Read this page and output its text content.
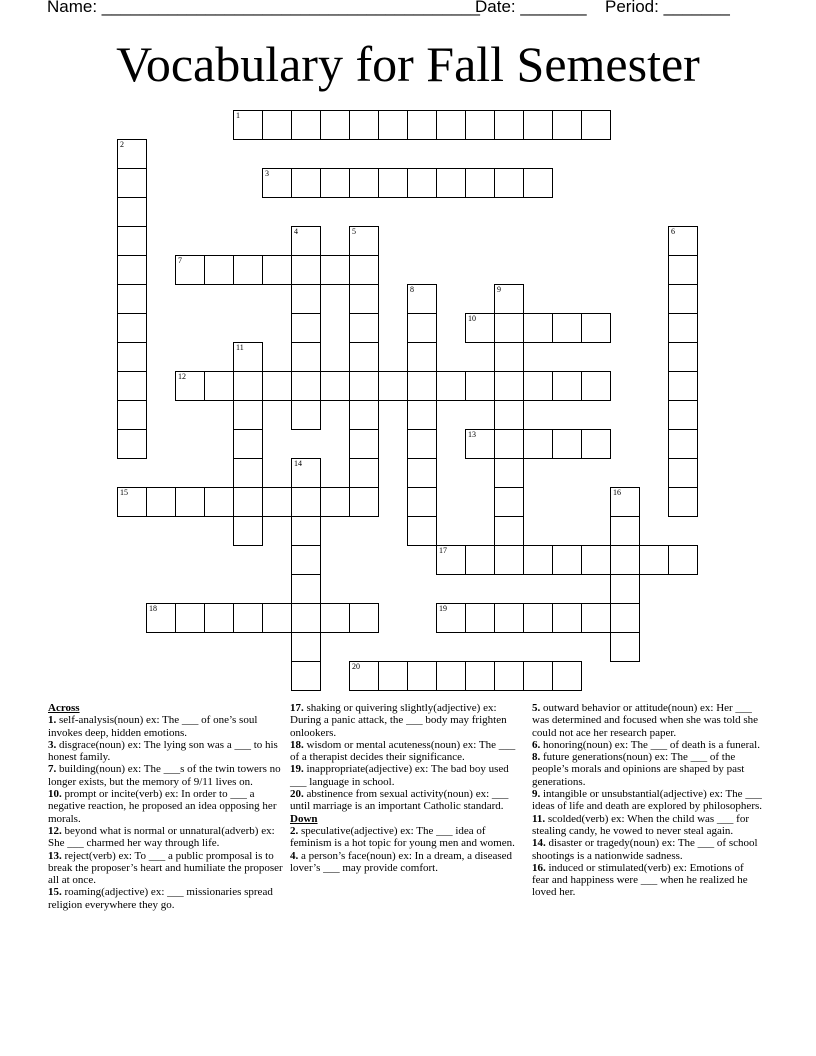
Name: ________________________________________
Date: _______ Period: _______
Vocabulary for Fall Semester
1
2
3
4	5	6
7
8	9
10
11
12
13
14
15	16
17
18	19
20
Across
1. self-analysis(noun) ex: The ___ of one’s soul invokes deep, hidden emotions.
3. disgrace(noun) ex: The lying son was a ___ to his honest family.
7. building(noun) ex: The ___s of the twin towers no longer exists, but the memory of 9/11 lives on.
10. prompt or incite(verb) ex: In order to ___ a negative reaction, he proposed an idea opposing her morals.
12. beyond what is normal or unnatural(adverb) ex: She ___ charmed her way through life.
13. reject(verb) ex: To ___ a public promposal is to break the proposer’s heart and humiliate the proposer all at once.
15. roaming(adjective) ex: ___ missionaries spread religion everywhere they go.
17. shaking or quivering slightly(adjective) ex: During a panic attack, the ___ body may frighten onlookers.
18. wisdom or mental acuteness(noun) ex: The ___ of a therapist decides their significance.
19. inappropriate(adjective) ex: The bad boy used ___ language in school.
20. abstinence from sexual activity(noun) ex: ___ until marriage is an important Catholic standard.
Down
2. speculative(adjective) ex: The ___ idea of feminism is a hot topic for young men and women.
4. a person’s face(noun) ex: In a dream, a diseased lover’s ___ may provide comfort.
5. outward behavior or attitude(noun) ex: Her ___ was determined and focused when she was told she could not ace her research paper.
6. honoring(noun) ex: The ___ of death is a funeral.
8. future generations(noun) ex: The ___ of the people’s morals and opinions are shaped by past generations.
9. intangible or unsubstantial(adjective) ex: The ___ ideas of life and death are explored by philosophers.
11. scolded(verb) ex: When the child was ___ for stealing candy, he vowed to never steal again.
14. disaster or tragedy(noun) ex: The ___ of school shootings is a nationwide sadness.
16. induced or stimulated(verb) ex: Emotions of fear and happiness were ___ when he realized he loved her.
